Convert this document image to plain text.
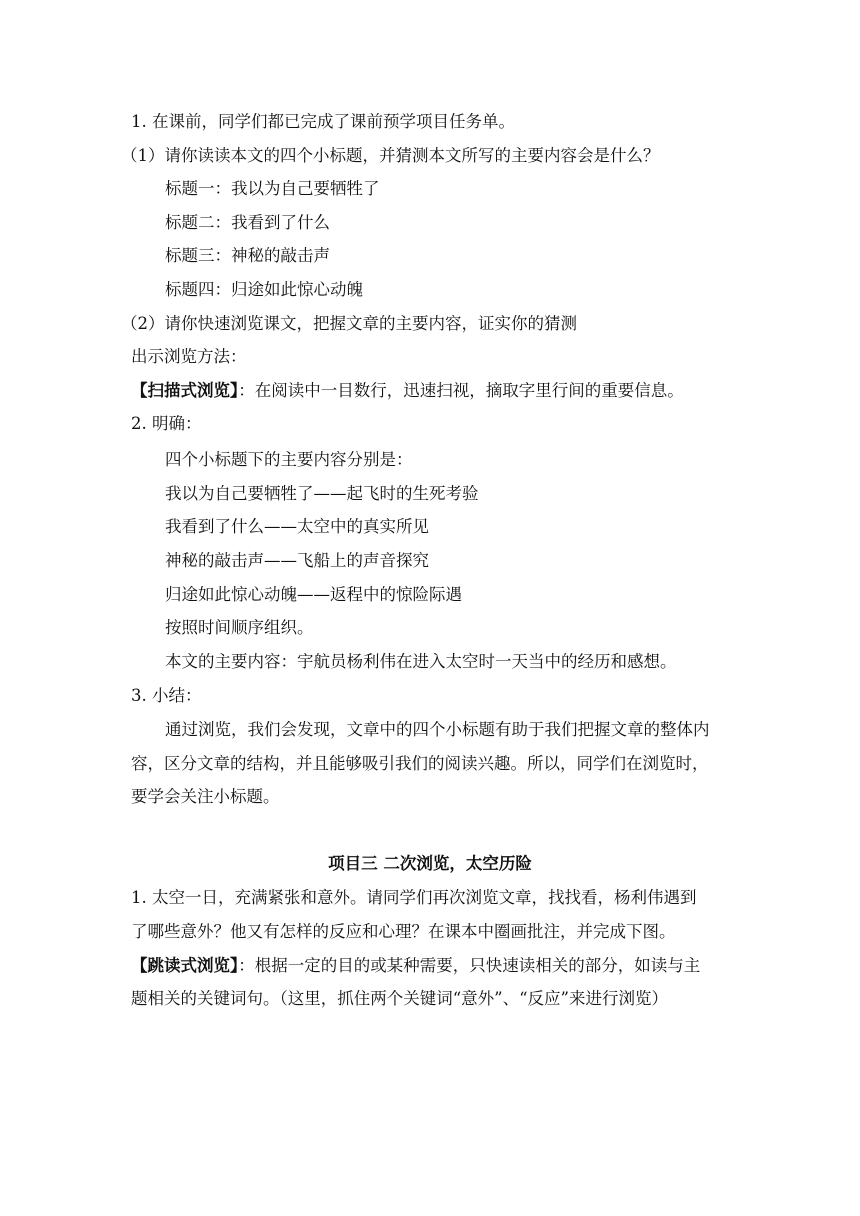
1. 在课前，同学们都已完成了课前预学项目任务单。
（1）请你读读本文的四个小标题，并猜测本文所写的主要内容会是什么？
标题一：我以为自己要牺牲了
标题二：我看到了什么
标题三：神秘的敲击声
标题四：归途如此惊心动魄
（2）请你快速浏览课文，把握文章的主要内容，证实你的猜测
出示浏览方法：
【扫描式浏览】：在阅读中一目数行，迅速扫视，摘取字里行间的重要信息。
2. 明确：
四个小标题下的主要内容分别是：
我以为自己要牺牲了——起飞时的生死考验
我看到了什么——太空中的真实所见
神秘的敲击声——飞船上的声音探究
归途如此惊心动魄——返程中的惊险际遇
按照时间顺序组织。
本文的主要内容：宇航员杨利伟在进入太空时一天当中的经历和感想。
3. 小结：
通过浏览，我们会发现，文章中的四个小标题有助于我们把握文章的整体内
容，区分文章的结构，并且能够吸引我们的阅读兴趣。所以，同学们在浏览时，
要学会关注小标题。
项目三 二次浏览，太空历险
1. 太空一日，充满紧张和意外。请同学们再次浏览文章，找找看，杨利伟遇到
了哪些意外？他又有怎样的反应和心理？在课本中圈画批注，并完成下图。
【跳读式浏览】：根据一定的目的或某种需要，只快速读相关的部分，如读与主
题相关的关键词句。（这里，抓住两个关键词“意外”、“反应”来进行浏览）
